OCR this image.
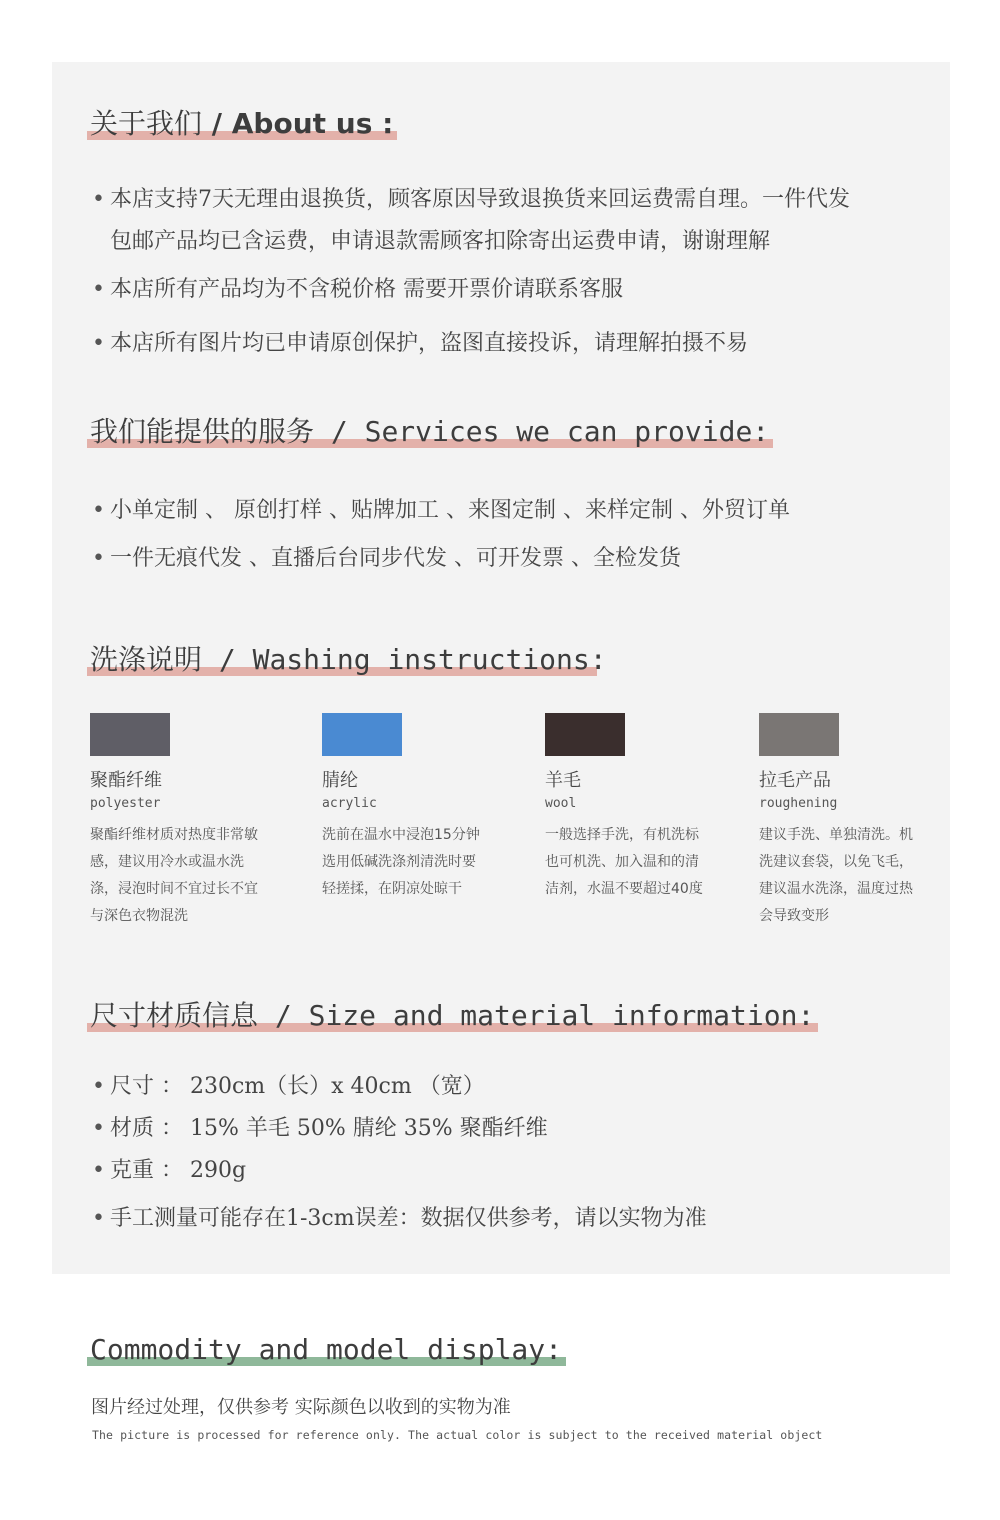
关于我们 / About us :
• 本店支持7天无理由退换货，顾客原因导致退换货来回运费需自理。一件代发
包邮产品均已含运费，申请退款需顾客扣除寄出运费申请，谢谢理解
• 本店所有产品均为不含税价格 需要开票价请联系客服
• 本店所有图片均已申请原创保护，盗图直接投诉，请理解拍摄不易
我们能提供的服务 / Services we can provide:
• 小单定制 、 原创打样 、贴牌加工 、来图定制 、来样定制 、外贸订单
• 一件无痕代发 、直播后台同步代发 、可开发票 、全检发货
洗涤说明 / Washing instructions:
聚酯纤维
polyester
聚酯纤维材质对热度非常敏感，建议用冷水或温水洗涤，浸泡时间不宜过长不宜与深色衣物混洗
腈纶
acrylic
洗前在温水中浸泡15分钟选用低碱洗涤剂清洗时要轻搓揉，在阴凉处晾干
羊毛
wool
一般选择手洗，有机洗标也可机洗、加入温和的清洁剂，水温不要超过40度
拉毛产品
roughening
建议手洗、单独清洗。机洗建议套袋，以免飞毛，建议温水洗涤，温度过热会导致变形
尺寸材质信息 / Size and material information:
• 尺寸 ： 230cm（长）x 40cm （宽）
• 材质 ： 15% 羊毛 50% 腈纶 35% 聚酯纤维
• 克重 ： 290g
• 手工测量可能存在1-3cm误差：数据仅供参考，请以实物为准
Commodity and model display:
图片经过处理，仅供参考 实际颜色以收到的实物为准
The picture is processed for reference only. The actual color is subject to the received material object
